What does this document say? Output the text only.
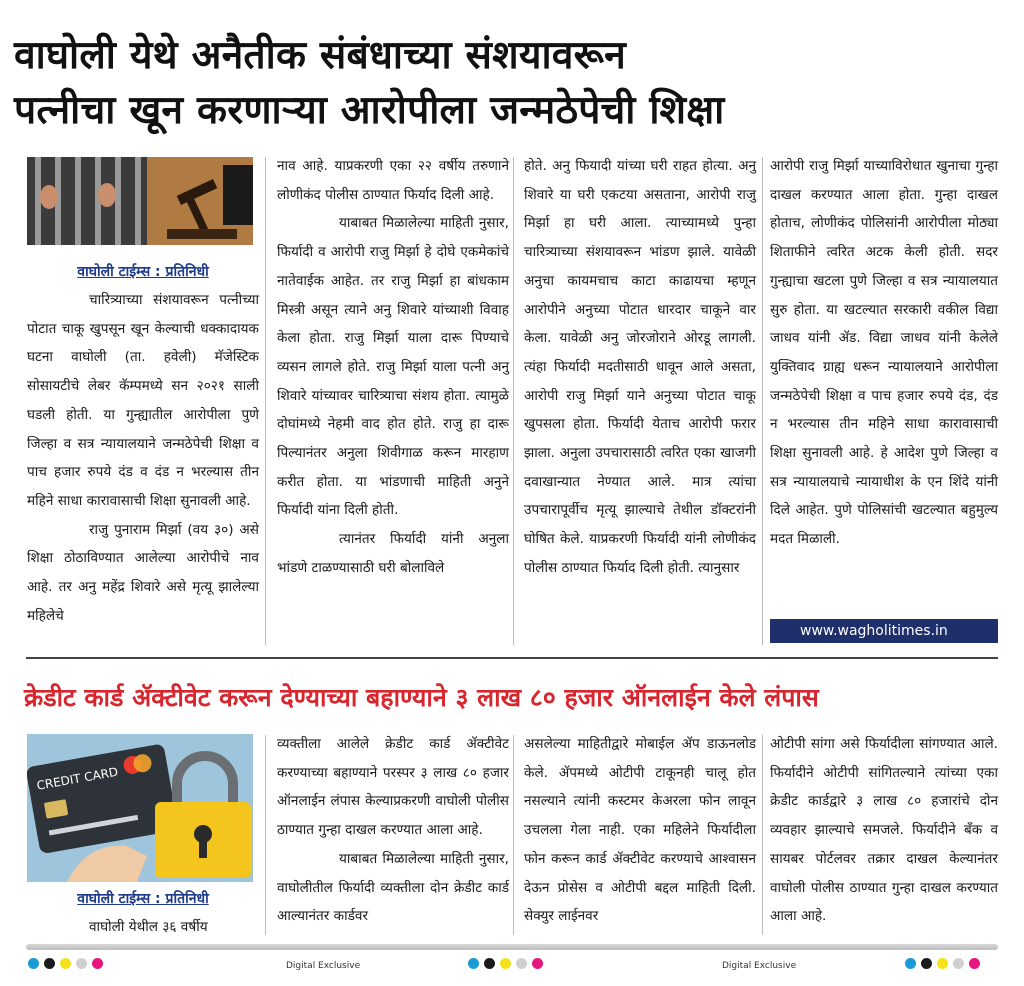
वाघोली येथे अनैतीक संबंधाच्या संशयावरून
पत्नीचा खून करणाऱ्या आरोपीला जन्मठेपेची शिक्षा
वाघोली टाईम्स : प्रतिनिधी

चारित्र्याच्या संशयावरून पत्नीच्या पोटात चाकू खुपसून खून केल्याची धक्कादायक घटना वाघोली (ता. हवेली) मॅजेस्टिक सोसायटीचे लेबर कॅम्पमध्ये सन २०२१ साली घडली होती. या गुन्ह्यातील आरोपीला पुणे जिल्हा व सत्र न्यायालयाने जन्मठेपेची शिक्षा व पाच हजार रुपये दंड व दंड न भरल्यास तीन महिने साधा कारावासाची शिक्षा सुनावली आहे.

राजु पुनाराम मिर्झा (वय ३०) असे शिक्षा ठोठाविण्यात आलेल्या आरोपीचे नाव आहे. तर अनु महेंद्र शिवारे असे मृत्यू झालेल्या महिलेचे

नाव आहे. याप्रकरणी एका २२ वर्षीय तरुणाने लोणीकंद पोलीस ठाण्यात फिर्याद दिली आहे.

याबाबत मिळालेल्या माहिती नुसार, फिर्यादी व आरोपी राजु मिर्झा हे दोघे एकमेकांचे नातेवाईक आहेत. तर राजु मिर्झा हा बांधकाम मिस्त्री असून त्याने अनु शिवारे यांच्याशी विवाह केला होता. राजु मिर्झा याला दारू पिण्याचे व्यसन लागले होते. राजु मिर्झा याला पत्नी अनु शिवारे यांच्यावर चारित्र्याचा संशय होता. त्यामुळे दोघांमध्ये नेहमी वाद होत होते. राजु हा दारू पिल्यानंतर अनुला शिवीगाळ करून मारहाण करीत होता. या भांडणाची माहिती अनुने फिर्यादी यांना दिली होती.

त्यानंतर फिर्यादी यांनी अनुला भांडणे टाळण्यासाठी घरी बोलाविले

होते. अनु फियादी यांच्या घरी राहत होत्या. अनु शिवारे या घरी एकटया असताना, आरोपी राजु मिर्झा हा घरी आला. त्याच्यामध्ये पुन्हा चारित्र्याच्या संशयावरून भांडण झाले. यावेळी अनुचा कायमचाच काटा काढायचा म्हणून आरोपीने अनुच्या पोटात धारदार चाकूने वार केला. यावेळी अनु जोरजोराने ओरडू लागली. त्यंहा फिर्यादी मदतीसाठी धावून आले असता, आरोपी राजु मिर्झा याने अनुच्या पोटात चाकू खुपसला होता. फिर्यादी येताच आरोपी फरार झाला. अनुला उपचारासाठी त्वरित एका खाजगी दवाखान्यात नेण्यात आले. मात्र त्यांचा उपचारापूर्वीच मृत्यू झाल्याचे तेथील डॉक्टरांनी घोषित केले. याप्रकरणी फिर्यादी यांनी लोणीकंद पोलीस ठाण्यात फिर्याद दिली होती. त्यानुसार

आरोपी राजु मिर्झा याच्याविरोधात खुनाचा गुन्हा दाखल करण्यात आला होता. गुन्हा दाखल होताच, लोणीकंद पोलिसांनी आरोपीला मोठ्या शिताफीने त्वरित अटक केली होती. सदर गुन्ह्याचा खटला पुणे जिल्हा व सत्र न्यायालयात सुरु होता. या खटल्यात सरकारी वकील विद्या जाधव यांनी ॲड. विद्या जाधव यांनी केलेले युक्तिवाद ग्राह्य धरून न्यायालयाने आरोपीला जन्मठेपेची शिक्षा व पाच हजार रुपये दंड, दंड न भरल्यास तीन महिने साधा कारावासाची शिक्षा सुनावली आहे. हे आदेश पुणे जिल्हा व सत्र न्यायालयाचे न्यायाधीश के एन शिंदे यांनी दिले आहेत. पुणे पोलिसांची खटल्यात बहुमुल्य मदत मिळाली.

www.wagholitimes.in
क्रेडीट कार्ड ॲक्टीवेट करून देण्याच्या बहाण्याने ३ लाख ८० हजार ऑनलाईन केले लंपास
CREDIT CARD
वाघोली टाईम्स : प्रतिनिधी

वाघोली येथील ३६ वर्षीय

व्यक्तीला आलेले क्रेडीट कार्ड ॲक्टीवेट करण्याच्या बहाण्याने परस्पर ३ लाख ८० हजार ऑनलाईन लंपास केल्याप्रकरणी वाघोली पोलीस ठाण्यात गुन्हा दाखल करण्यात आला आहे.

याबाबत मिळालेल्या माहिती नुसार, वाघोलीतील फिर्यादी व्यक्तीला दोन क्रेडीट कार्ड आल्यानंतर कार्डवर

असलेल्या माहितीद्वारे मोबाईल ॲप डाऊनलोड केले. ॲपमध्ये ओटीपी टाकूनही चालू होत नसल्याने त्यांनी कस्टमर केअरला फोन लावून उचलला गेला नाही. एका महिलेने फिर्यादीला फोन करून कार्ड ॲक्टीवेट करण्याचे आश्वासन देऊन प्रोसेस व ओटीपी बद्दल माहिती दिली. सेक्युर लाईनवर

ओटीपी सांगा असे फिर्यादीला सांगण्यात आले. फिर्यादीने ओटीपी सांगितल्याने त्यांच्या एका क्रेडीट कार्डद्वारे ३ लाख ८० हजारांचे दोन व्यवहार झाल्याचे समजले. फिर्यादीने बँक व सायबर पोर्टलवर तक्रार दाखल केल्यानंतर वाघोली पोलीस ठाण्यात गुन्हा दाखल करण्यात आला आहे.

Digital Exclusive	Digital Exclusive
